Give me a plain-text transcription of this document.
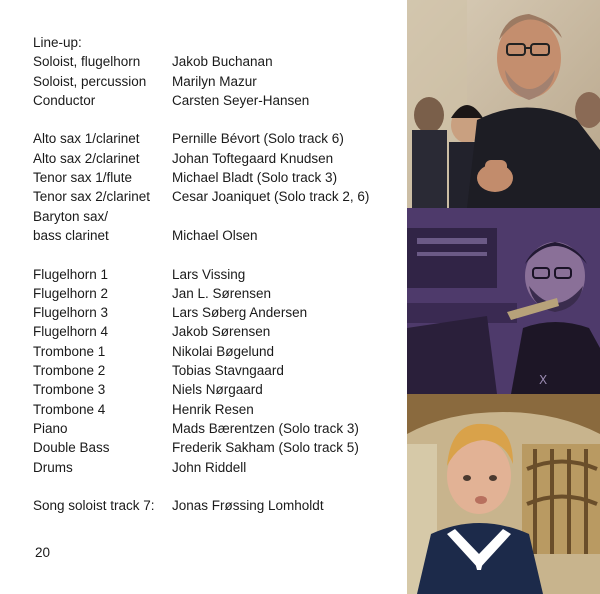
Line-up:
Soloist, flugelhorn	Jakob Buchanan
Soloist, percussion	Marilyn Mazur
Conductor	Carsten Seyer-Hansen
Alto sax 1/clarinet	Pernille Bévort (Solo track 6)
Alto sax 2/clarinet	Johan Toftegaard Knudsen
Tenor sax 1/flute	Michael Bladt (Solo track 3)
Tenor sax 2/clarinet	Cesar Joaniquet (Solo track 2, 6)
Baryton sax/
bass clarinet	Michael Olsen
Flugelhorn 1	Lars Vissing
Flugelhorn 2	Jan L. Sørensen
Flugelhorn 3	Lars Søberg Andersen
Flugelhorn 4	Jakob Sørensen
Trombone 1	Nikolai Bøgelund
Trombone 2	Tobias Stavngaard
Trombone 3	Niels Nørgaard
Trombone 4	Henrik Resen
Piano	Mads Bærentzen (Solo track 3)
Double Bass	Frederik Sakham (Solo track 5)
Drums	John Riddell
Song soloist track 7:	Jonas Frøssing Lomholdt
20
X
